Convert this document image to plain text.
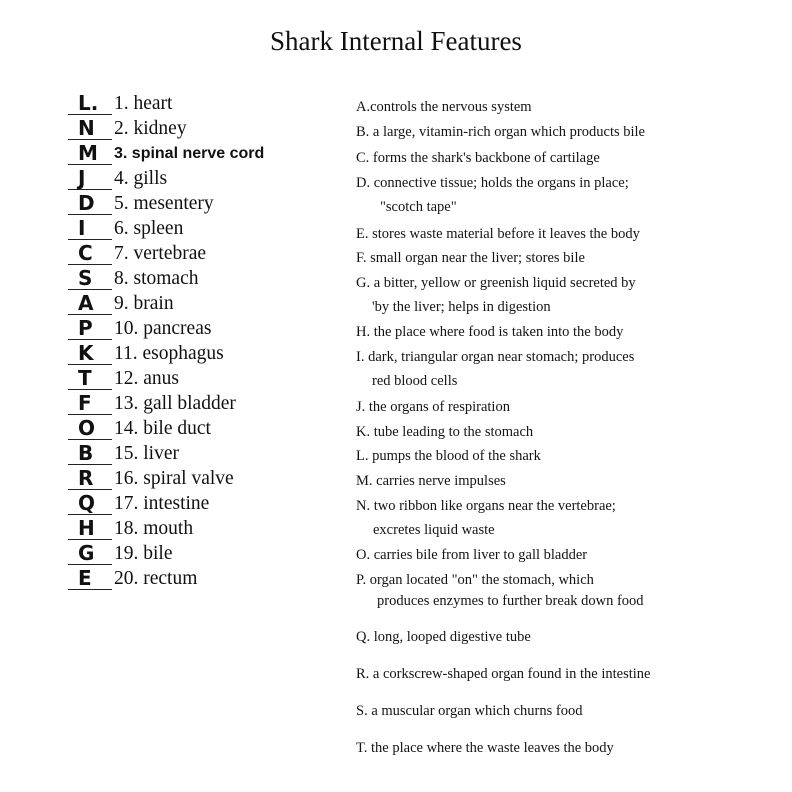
Shark Internal Features
L. 1. heart
N 2. kidney
M 3. spinal nerve cord
J 4. gills
D 5. mesentery
I 6. spleen
C 7. vertebrae
S 8. stomach
A 9. brain
P 10. pancreas
K 11. esophagus
T 12. anus
F 13. gall bladder
O 14. bile duct
B 15. liver
R 16. spiral valve
Q 17. intestine
H 18. mouth
G 19. bile
E 20. rectum
A.controls the nervous system
B. a large, vitamin-rich organ which products bile
C. forms the shark's backbone of cartilage
D. connective tissue; holds the organs in place;
"scotch tape"
E. stores waste material before it leaves the body
F. small organ near the liver; stores bile
G. a bitter, yellow or greenish liquid secreted by
'by the liver; helps in digestion
H. the place where food is taken into the body
I. dark, triangular organ near stomach; produces
red blood cells
J. the organs of respiration
K. tube leading to the stomach
L. pumps the blood of the shark
M. carries nerve impulses
N. two ribbon like organs near the vertebrae;
excretes liquid waste
O. carries bile from liver to gall bladder
P. organ located "on" the stomach, which
produces enzymes to further break down food
Q. long, looped digestive tube
R. a corkscrew-shaped organ found in the intestine
S. a muscular organ which churns food
T. the place where the waste leaves the body
